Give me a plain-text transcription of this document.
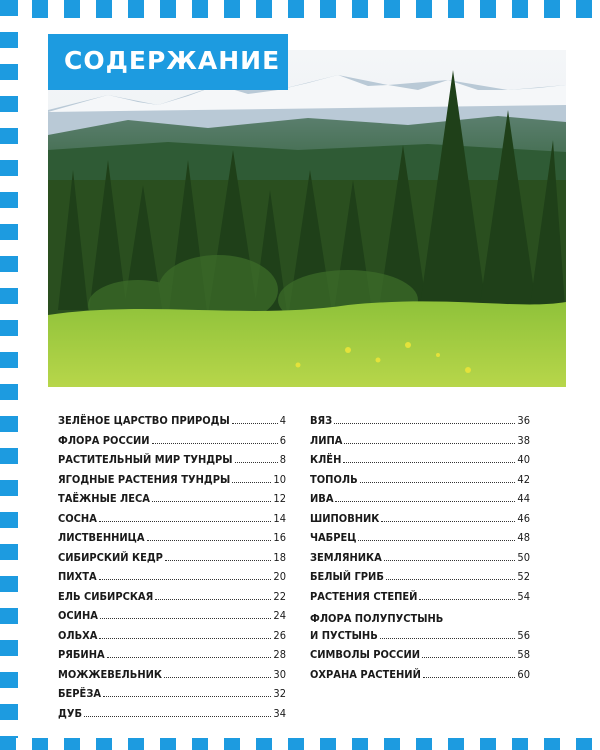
СОДЕРЖАНИЕ
ЗЕЛЁНОЕ ЦАРСТВО ПРИРОДЫ	4
ФЛОРА РОССИИ	6
РАСТИТЕЛЬНЫЙ МИР ТУНДРЫ	8
ЯГОДНЫЕ РАСТЕНИЯ ТУНДРЫ	10
ТАЁЖНЫЕ ЛЕСА	12
СОСНА	14
ЛИСТВЕННИЦА	16
СИБИРСКИЙ КЕДР	18
ПИХТА	20
ЕЛЬ СИБИРСКАЯ	22
ОСИНА	24
ОЛЬХА	26
РЯБИНА	28
МОЖЖЕВЕЛЬНИК	30
БЕРЁЗА	32
ДУБ	34
ВЯЗ	36
ЛИПА	38
КЛЁН	40
ТОПОЛЬ	42
ИВА	44
ШИПОВНИК	46
ЧАБРЕЦ	48
ЗЕМЛЯНИКА	50
БЕЛЫЙ ГРИБ	52
РАСТЕНИЯ СТЕПЕЙ	54
ФЛОРА ПОЛУПУСТЫНЬ
И ПУСТЫНЬ	56
СИМВОЛЫ РОССИИ	58
ОХРАНА РАСТЕНИЙ	60
